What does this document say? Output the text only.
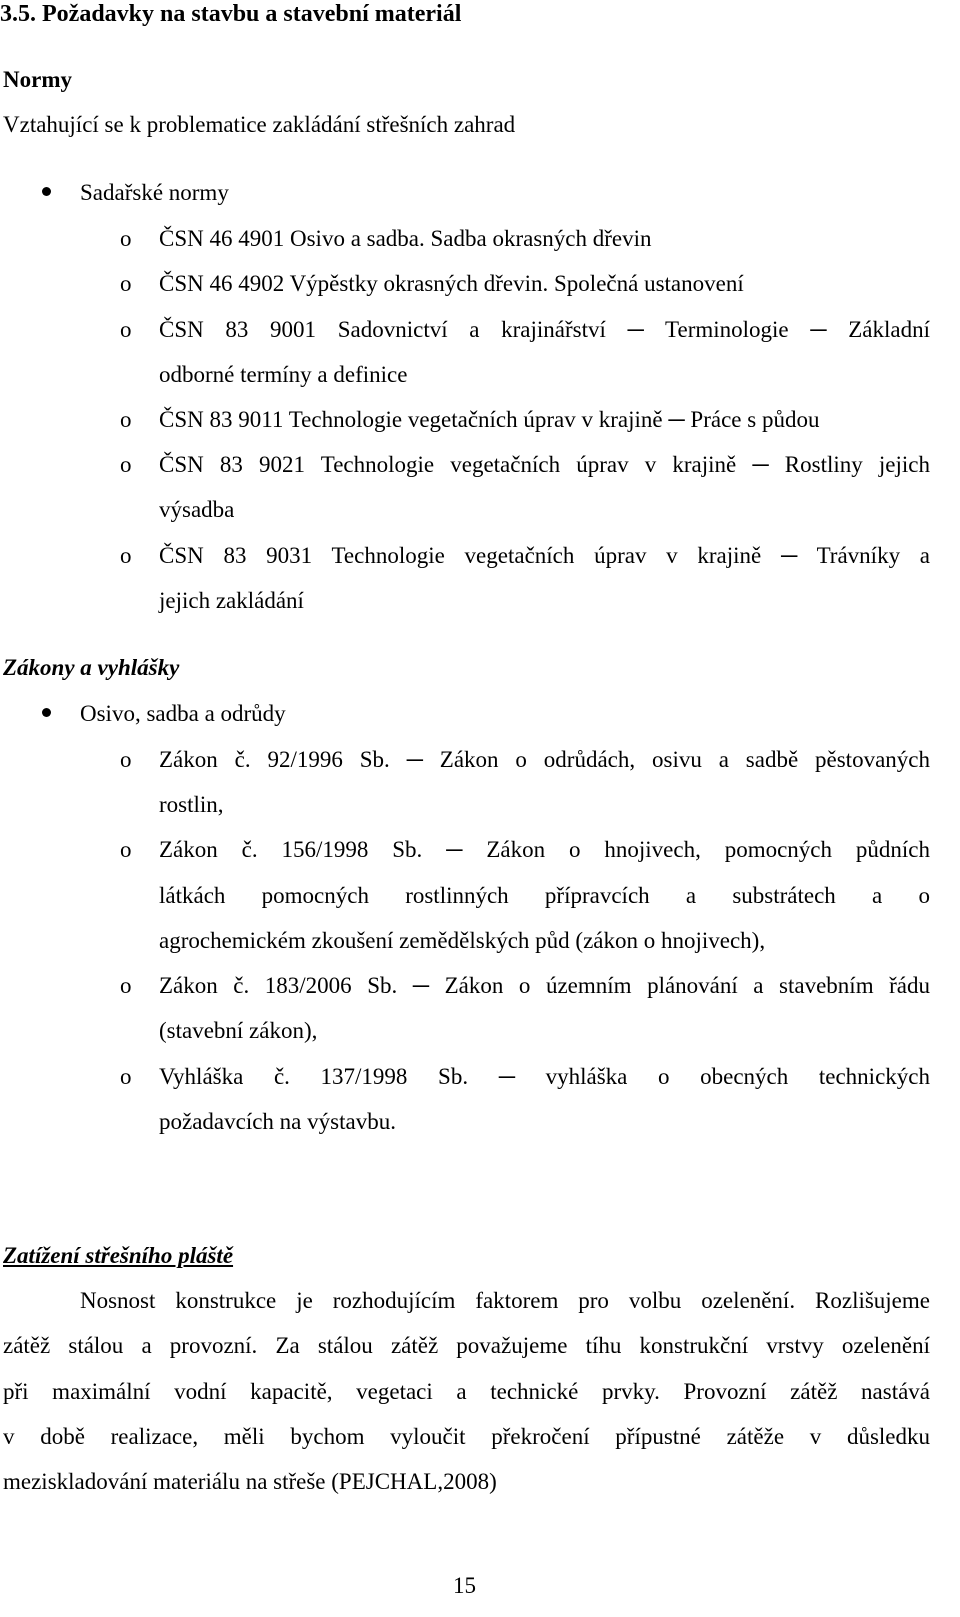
3.5. Požadavky na stavbu a stavební materiál
Normy
Vztahující se k problematice zakládání střešních zahrad
Sadařské normy
o ČSN 46 4901 Osivo a sadba. Sadba okrasných dřevin
o ČSN 46 4902 Výpěstky okrasných dřevin. Společná ustanovení
o ČSN 83 9001 Sadovnictví a krajinářství ─ Terminologie ─ Základní
odborné termíny a definice
o ČSN 83 9011 Technologie vegetačních úprav v krajině ─ Práce s půdou
o ČSN 83 9021 Technologie vegetačních úprav v krajině ─ Rostliny jejich
výsadba
o ČSN 83 9031 Technologie vegetačních úprav v krajině ─ Trávníky a
jejich zakládání
Zákony a vyhlášky
Osivo, sadba a odrůdy
o Zákon č. 92/1996 Sb. ─ Zákon o odrůdách, osivu a sadbě pěstovaných
rostlin,
o Zákon č. 156/1998 Sb. ─ Zákon o hnojivech, pomocných půdních
látkách pomocných rostlinných přípravcích a substrátech a o
agrochemickém zkoušení zemědělských půd (zákon o hnojivech),
o Zákon č. 183/2006 Sb. ─ Zákon o územním plánování a stavebním řádu
(stavební zákon),
o Vyhláška č. 137/1998 Sb. ─ vyhláška o obecných technických
požadavcích na výstavbu.
Zatížení střešního pláště
Nosnost konstrukce je rozhodujícím faktorem pro volbu ozelenění. Rozlišujeme
zátěž stálou a provozní. Za stálou zátěž považujeme tíhu konstrukční vrstvy ozelenění
při maximální vodní kapacitě, vegetaci a technické prvky. Provozní zátěž nastává
v době realizace, měli bychom vyloučit překročení přípustné zátěže v důsledku
meziskladování materiálu na střeše (PEJCHAL,2008)
15
